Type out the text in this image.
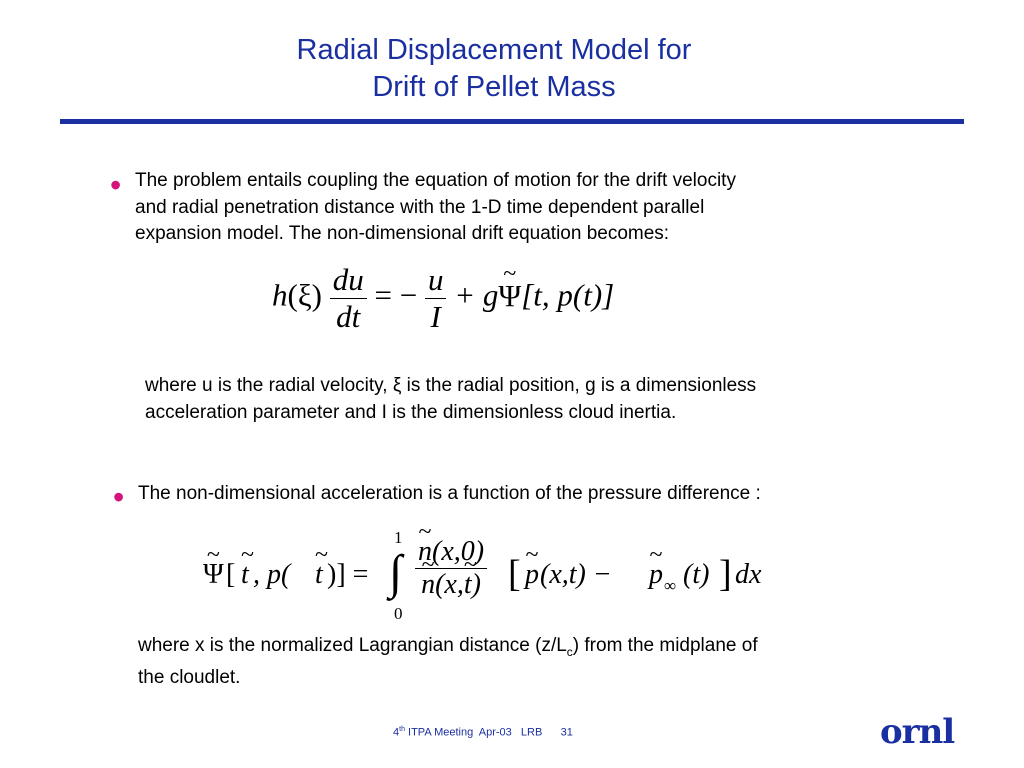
Radial Displacement Model for
Drift of Pellet Mass
• The problem entails coupling the equation of motion for the drift velocity
and radial penetration distance with the 1-D time dependent parallel
expansion model. The non-dimensional drift equation becomes:
$h(\xi) \frac{du}{dt}$ = − $\frac{u}{I}$ + g~ Ψ[t, p(t)]
where u is the radial velocity, ξ is the radial position, g is a dimensionless
acceleration parameter and I is the dimensionless cloud inertia.
• The non-dimensional acceleration is a function of the pressure difference :
~ Ψ [ ~ t , p( ~ t )] =
1
∫
0
~ n(x,0)
~ n(x,~ t) [ ~ p (x,t) − ~ p ∞ (t) ] dx
where x is the normalized Lagrangian distance $(z/L_c)$ from the midplane of
the cloudlet.
4th ITPA Meeting  Apr-03   LRB      31	ornl
